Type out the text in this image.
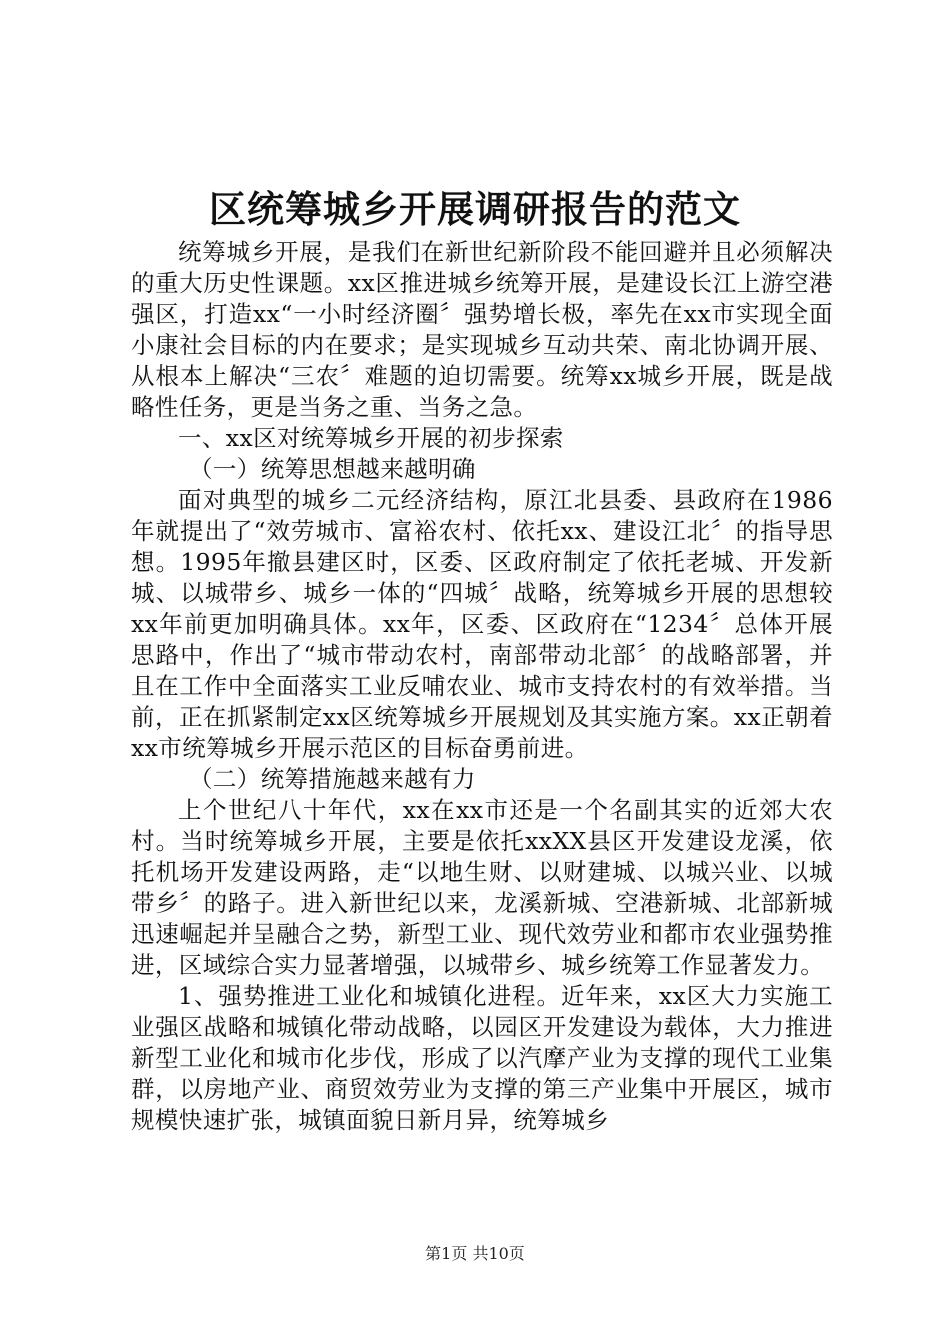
区统筹城乡开展调研报告的范文

统筹城乡开展，是我们在新世纪新阶段不能回避并且必须解决的重大历史性课题。xx区推进城乡统筹开展，是建设长江上游空港强区，打造xx“一小时经济圈〞强势增长极，率先在xx市实现全面小康社会目标的内在要求；是实现城乡互动共荣、南北协调开展、从根本上解决“三农〞难题的迫切需要。统筹xx城乡开展，既是战略性任务，更是当务之重、当务之急。

一、xx区对统筹城乡开展的初步探索

（一）统筹思想越来越明确

面对典型的城乡二元经济结构，原江北县委、县政府在1986年就提出了“效劳城市、富裕农村、依托xx、建设江北〞的指导思想。1995年撤县建区时，区委、区政府制定了依托老城、开发新城、以城带乡、城乡一体的“四城〞战略，统筹城乡开展的思想较xx年前更加明确具体。xx年，区委、区政府在“1234〞总体开展思路中，作出了“城市带动农村，南部带动北部〞的战略部署，并且在工作中全面落实工业反哺农业、城市支持农村的有效举措。当前，正在抓紧制定xx区统筹城乡开展规划及其实施方案。xx正朝着xx市统筹城乡开展示范区的目标奋勇前进。

（二）统筹措施越来越有力

上个世纪八十年代，xx在xx市还是一个名副其实的近郊大农村。当时统筹城乡开展，主要是依托xxXX县区开发建设龙溪，依托机场开发建设两路，走“以地生财、以财建城、以城兴业、以城带乡〞的路子。进入新世纪以来，龙溪新城、空港新城、北部新城迅速崛起并呈融合之势，新型工业、现代效劳业和都市农业强势推进，区域综合实力显著增强，以城带乡、城乡统筹工作显著发力。

1、强势推进工业化和城镇化进程。近年来，xx区大力实施工业强区战略和城镇化带动战略，以园区开发建设为载体，大力推进新型工业化和城市化步伐，形成了以汽摩产业为支撑的现代工业集群，以房地产业、商贸效劳业为支撑的第三产业集中开展区，城市规模快速扩张，城镇面貌日新月异，统筹城乡

第1页 共10页
